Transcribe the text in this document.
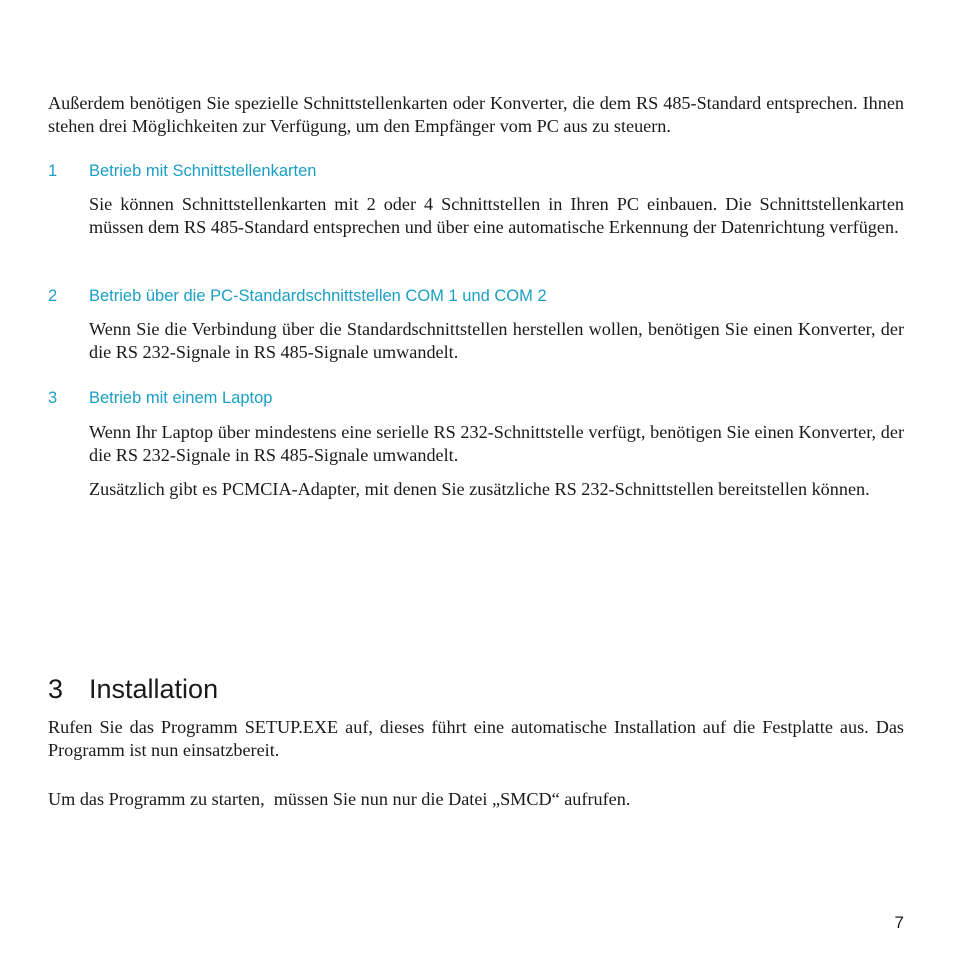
Außerdem benötigen Sie spezielle Schnittstellenkarten oder Konverter, die dem RS 485-Standard entsprechen. Ihnen stehen drei Möglichkeiten zur Verfügung, um den Empfänger vom PC aus zu steuern.

1 Betrieb mit Schnittstellenkarten

Sie können Schnittstellenkarten mit 2 oder 4 Schnittstellen in Ihren PC einbauen. Die Schnittstellenkarten müssen dem RS 485-Standard entsprechen und über eine automatische Erkennung der Datenrichtung verfügen.

2 Betrieb über die PC-Standardschnittstellen COM 1 und COM 2

Wenn Sie die Verbindung über die Standardschnittstellen herstellen wollen, benötigen Sie einen Konverter, der die RS 232-Signale in RS 485-Signale umwandelt.

3 Betrieb mit einem Laptop

Wenn Ihr Laptop über mindestens eine serielle RS 232-Schnittstelle verfügt, benötigen Sie einen Konverter, der die RS 232-Signale in RS 485-Signale umwandelt.

Zusätzlich gibt es PCMCIA-Adapter, mit denen Sie zusätzliche RS 232-Schnittstellen bereitstellen können.

3 Installation

Rufen Sie das Programm SETUP.EXE auf, dieses führt eine automatische Installation auf die Festplatte aus. Das Programm ist nun einsatzbereit.

Um das Programm zu starten,  müssen Sie nun nur die Datei „SMCD“ aufrufen.

7
